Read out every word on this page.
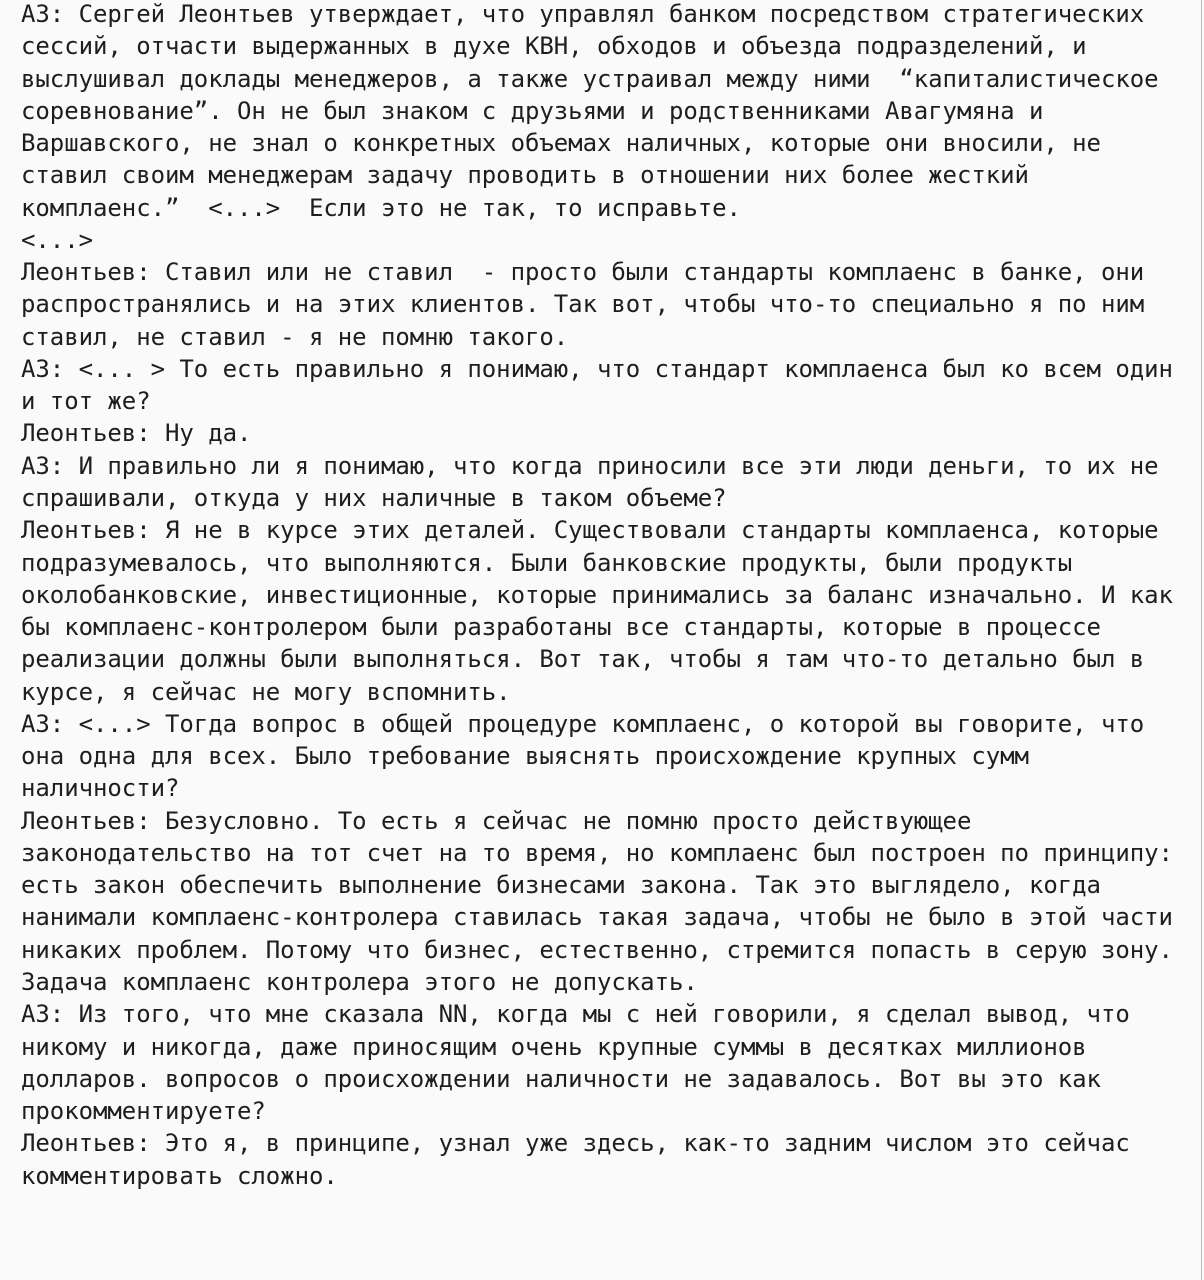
АЗ: Сергей Леонтьев утверждает, что управлял банком посредством стратегических
сессий, отчасти выдержанных в духе КВН, обходов и объезда подразделений, и
выслушивал доклады менеджеров, а также устраивал между ними  “капиталистическое
соревнование”. Он не был знаком с друзьями и родственниками Авагумяна и
Варшавского, не знал о конкретных объемах наличных, которые они вносили, не
ставил своим менеджерам задачу проводить в отношении них более жесткий
комплаенс.”  <...>  Если это не так, то исправьте.
<...>
Леонтьев: Ставил или не ставил  - просто были стандарты комплаенс в банке, они
распространялись и на этих клиентов. Так вот, чтобы что-то специально я по ним
ставил, не ставил - я не помню такого.
АЗ: <... > То есть правильно я понимаю, что стандарт комплаенса был ко всем один
и тот же?
Леонтьев: Ну да.
АЗ: И правильно ли я понимаю, что когда приносили все эти люди деньги, то их не
спрашивали, откуда у них наличные в таком объеме?
Леонтьев: Я не в курсе этих деталей. Существовали стандарты комплаенса, которые
подразумевалось, что выполняются. Были банковские продукты, были продукты
околобанковские, инвестиционные, которые принимались за баланс изначально. И как
бы комплаенс-контролером были разработаны все стандарты, которые в процессе
реализации должны были выполняться. Вот так, чтобы я там что-то детально был в
курсе, я сейчас не могу вспомнить.
АЗ: <...> Тогда вопрос в общей процедуре комплаенс, о которой вы говорите, что
она одна для всех. Было требование выяснять происхождение крупных сумм
наличности?
Леонтьев: Безусловно. То есть я сейчас не помню просто действующее
законодательство на тот счет на то время, но комплаенс был построен по принципу:
есть закон обеспечить выполнение бизнесами закона. Так это выглядело, когда
нанимали комплаенс-контролера ставилась такая задача, чтобы не было в этой части
никаких проблем. Потому что бизнес, естественно, стремится попасть в серую зону.
Задача комплаенс контролера этого не допускать.
АЗ: Из того, что мне сказала NN, когда мы с ней говорили, я сделал вывод, что
никому и никогда, даже приносящим очень крупные суммы в десятках миллионов
долларов. вопросов о происхождении наличности не задавалось. Вот вы это как
прокомментируете?
Леонтьев: Это я, в принципе, узнал уже здесь, как-то задним числом это сейчас
комментировать сложно.
